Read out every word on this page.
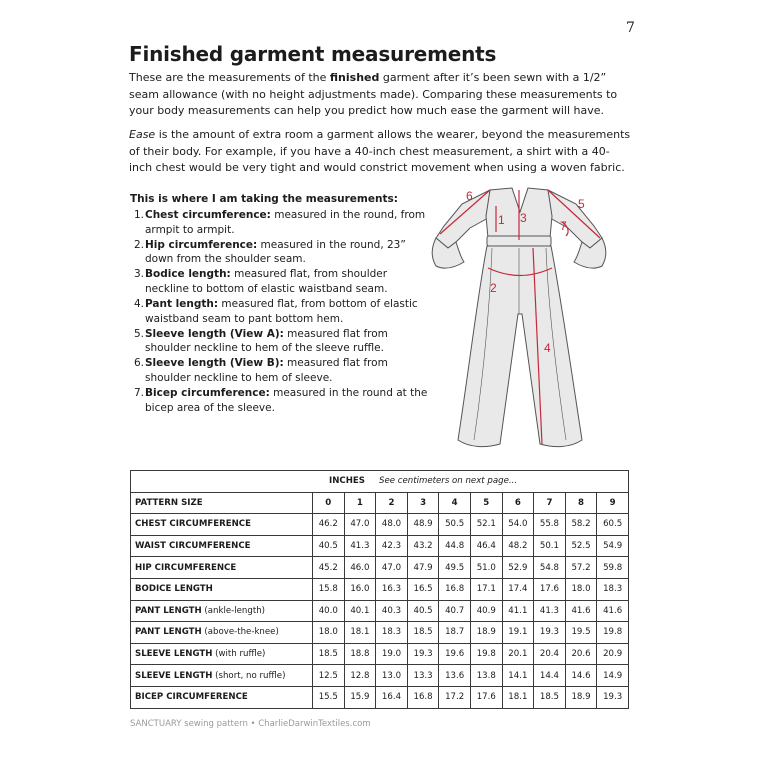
7
Finished garment measurements

These are the measurements of the finished garment after it’s been sewn with a 1/2” seam allowance (with no height adjustments made). Comparing these measurements to your body measurements can help you predict how much ease the garment will have.

Ease is the amount of extra room a garment allows the wearer, beyond the measurements of their body. For example, if you have a 40-inch chest measurement, a shirt with a 40-inch chest would be very tight and would constrict movement when using a woven fabric.

This is where I am taking the measurements:
1. Chest circumference: measured in the round, from armpit to armpit.
2. Hip circumference: measured in the round, 23” down from the shoulder seam.
3. Bodice length: measured flat, from shoulder neckline to bottom of elastic waistband seam.
4. Pant length: measured flat, from bottom of elastic waistband seam to pant bottom hem.
5. Sleeve length (View A): measured flat from shoulder neckline to hem of the sleeve ruffle.
6. Sleeve length (View B): measured flat from shoulder neckline to hem of sleeve.
7. Bicep circumference: measured in the round at the bicep area of the sleeve.
1
2
3
4
5
6
7
INCHES See centimeters on next page...										
PATTERN SIZE	0	1	2	3	4	5	6	7	8	9
CHEST CIRCUMFERENCE	46.2	47.0	48.0	48.9	50.5	52.1	54.0	55.8	58.2	60.5
WAIST CIRCUMFERENCE	40.5	41.3	42.3	43.2	44.8	46.4	48.2	50.1	52.5	54.9
HIP CIRCUMFERENCE	45.2	46.0	47.0	47.9	49.5	51.0	52.9	54.8	57.2	59.8
BODICE LENGTH	15.8	16.0	16.3	16.5	16.8	17.1	17.4	17.6	18.0	18.3
PANT LENGTH (ankle-length)	40.0	40.1	40.3	40.5	40.7	40.9	41.1	41.3	41.6	41.6
PANT LENGTH (above-the-knee)	18.0	18.1	18.3	18.5	18.7	18.9	19.1	19.3	19.5	19.8
SLEEVE LENGTH (with ruffle)	18.5	18.8	19.0	19.3	19.6	19.8	20.1	20.4	20.6	20.9
SLEEVE LENGTH (short, no ruffle)	12.5	12.8	13.0	13.3	13.6	13.8	14.1	14.4	14.6	14.9
BICEP CIRCUMFERENCE	15.5	15.9	16.4	16.8	17.2	17.6	18.1	18.5	18.9	19.3
SANCTUARY sewing pattern • CharlieDarwinTextiles.com
